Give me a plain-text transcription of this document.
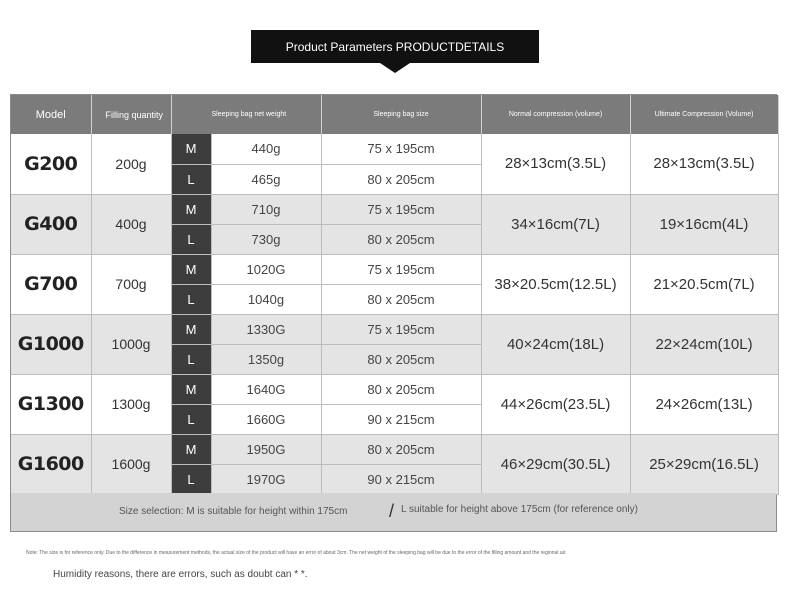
Product Parameters PRODUCTDETAILS
Model	Filling quantity	Sleeping bag net weight		Sleeping bag size	Normal compression (volume)	Ultimate Compression (Volume)
G200	200g	M	440g	75 x 195cm	28×13cm(3.5L)	28×13cm(3.5L)
		L	465g	80 x 205cm		
G400	400g	M	710g	75 x 195cm	34×16cm(7L)	19×16cm(4L)
		L	730g	80 x 205cm		
G700	700g	M	1020G	75 x 195cm	38×20.5cm(12.5L)	21×20.5cm(7L)
		L	1040g	80 x 205cm		
G1000	1000g	M	1330G	75 x 195cm	40×24cm(18L)	22×24cm(10L)
		L	1350g	80 x 205cm		
G1300	1300g	M	1640G	80 x 205cm	44×26cm(23.5L)	24×26cm(13L)
		L	1660G	90 x 215cm		
G1600	1600g	M	1950G	80 x 205cm	46×29cm(30.5L)	25×29cm(16.5L)
		L	1970G	90 x 215cm		
Size selection: M is suitable for height within 175cm / L suitable for height above 175cm (for reference only)
Note: The size is for reference only. Due to the difference in measurement methods, the actual size of the product will have an error of about 3cm. The net weight of the sleeping bag will be due to the error of the filling amount and the regional air.
Humidity reasons, there are errors, such as doubt can * *.
